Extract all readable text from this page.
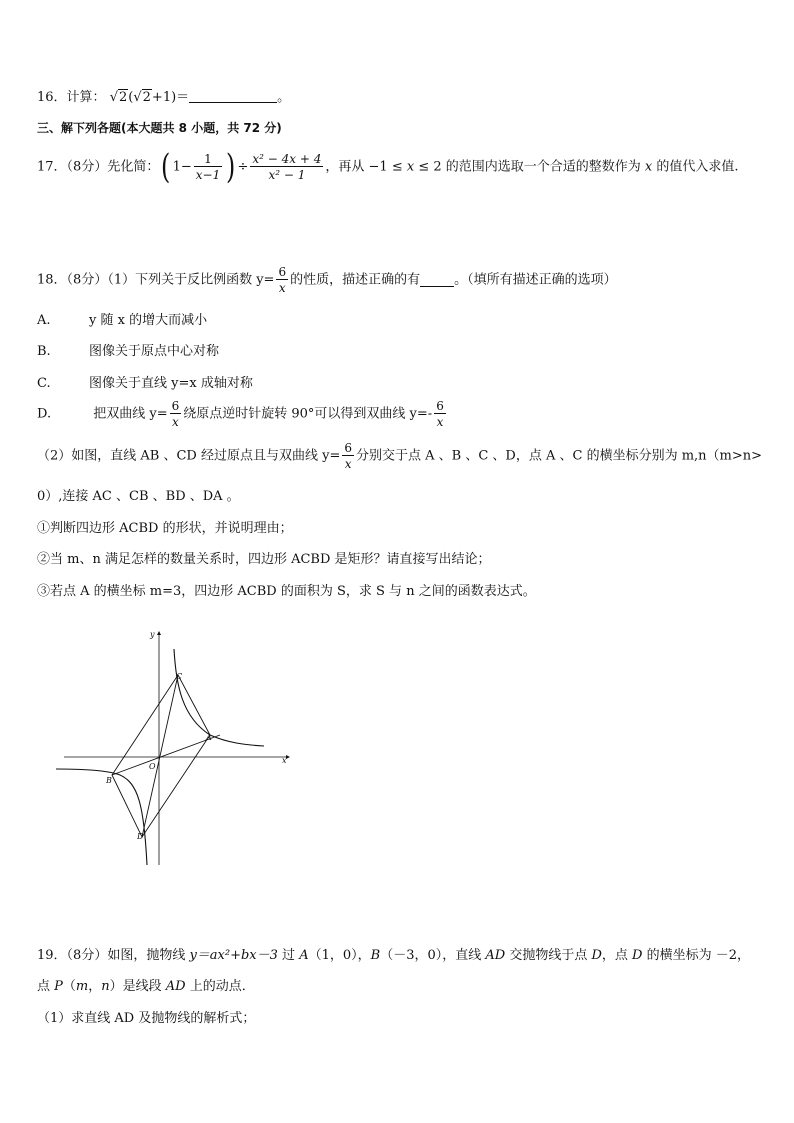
16．计算： √2(√2+1)＝	。
三、解下列各题(本大题共 8 小题，共 72 分)
17．（8分）先化简：( $1- \frac{1}{x-1}$ ) ÷ $\frac{\text{x² − 4x + 4}}{\text{x² − 1}}$ ，再从 −1 ≤ x ≤ 2 的范围内选取一个合适的整数作为 x 的值代入求值.
18．（8分）（1）下列关于反比例函数 $y= \frac{6}{x}$ 的性质，描述正确的有	。（填所有描述正确的选项）
A.	y 随 x 的增大而减小
B.	图像关于原点中心对称
C.	图像关于直线 y=x 成轴对称
D.	把双曲线 $y= \frac{6}{x}$ 绕原点逆时针旋转 90°可以得到双曲线 $y=- \frac{6}{x}$
（2）如图，直线 AB 、CD 经过原点且与双曲线 $y= \frac{6}{x}$ 分别交于点 A 、B 、C 、D，点 A 、C 的横坐标分别为 m,n（m>n>
0）,连接 AC 、CB 、BD 、DA 。
①判断四边形 ACBD 的形状，并说明理由；
②当 m、n 满足怎样的数量关系时，四边形 ACBD 是矩形？请直接写出结论；
③若点 A 的横坐标 m=3，四边形 ACBD 的面积为 S，求 S 与 n 之间的函数表达式。
y
x
O
A
B
C
D
19．（8分）如图，抛物线 y＝ax²+bx－3 过 A（1，0），B（－3，0），直线 AD 交抛物线于点 D，点 D 的横坐标为 －2，
点 P（m，n）是线段 AD 上的动点．
（1）求直线 AD 及抛物线的解析式；
